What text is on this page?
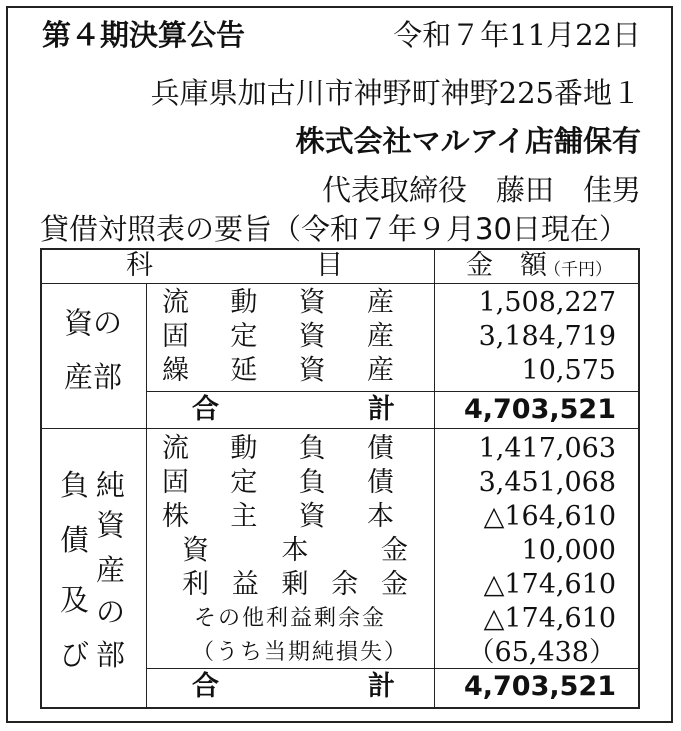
第４期決算公告	令和７年11月22日
兵庫県加古川市神野町神野225番地１
株式会社マルアイ店舗保有
代表取締役　藤田　佳男
貸借対照表の要旨（令和７年９月30日現在）
科	目	金　額
（千円）
資の
産部
流 動 資 産	1,508,227
固 定 資 産	3,184,719
繰 延 資 産	10,575
合	計	4,703,521
負
債
及
び
純
資
産
の
部
流 動 負 債	1,417,063
固 定 負 債	3,451,068
株 主 資 本	△164,610
資	本	金	10,000
利 益 剰 余 金	△174,610
その他利益剰余金	△174,610
（うち当期純損失） （65,438）
合	計	4,703,521
